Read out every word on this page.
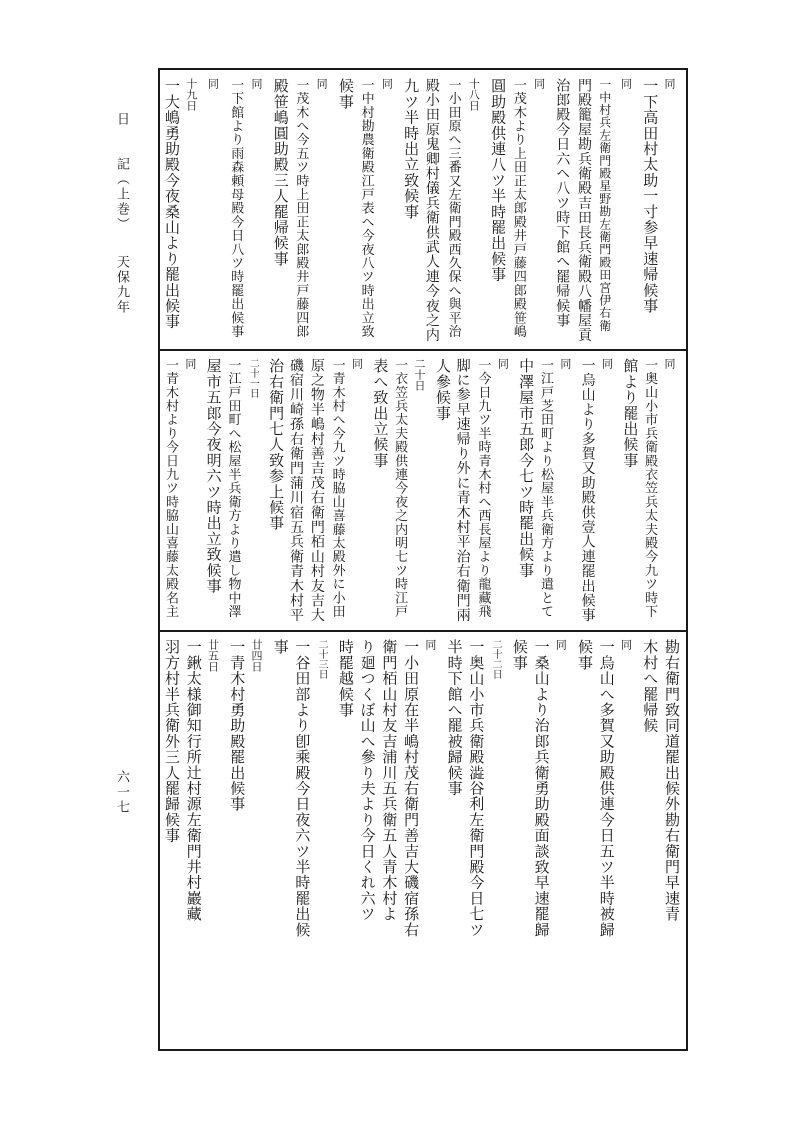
日　　記（上巻）
天保九年
六一七
同
一下高田村太助一寸参早速帰候事
同
一中村兵左衛門殿星野勘左衛門殿田宮伊右衛
門殿籠屋勘兵衛殿吉田長兵衛殿八幡屋貢
治郎殿今日六ヘ八ツ時下館へ罷帰候事
同
一茂木より上田正太郎殿井戸藤四郎殿笹嶋
圓助殿供連八ツ半時罷出候事
十八日
一小田原へ三番又左衛門殿西久保へ與平治
殿小田原鬼卿村儀兵衛供武人連今夜之内
九ツ半時出立致候事
同
一中村勘農衛殿江戸表へ今夜八ツ時出立致
候事
同
一茂木へ今五ツ時上田正太郎殿井戸藤四郎
殿笹嶋圓助殿三人罷帰候事
同
一下館より雨森頼母殿今日八ツ時罷出候事
同
十九日
一大嶋勇助殿今夜桑山より罷出候事
同
一奥山小市兵衛殿衣笠兵太夫殿今九ツ時下
館より罷出候事
同
一烏山より多賀又助殿供壹人連罷出候事
同
一江戸芝田町より松屋半兵衛方より遣とて
中澤屋市五郎今七ツ時罷出候事
同
一今日九ツ半時青木村へ西長屋より龍藏飛
脚に参早速帰り外に青木村平治右衛門兩
人參候事
二十日
一衣笠兵太夫殿供連今夜之内明七ツ時江戸
表へ致出立候事
同
一青木村へ今九ツ時脇山喜藤太殿外に小田
原之物半嶋村善吉茂右衛門栢山村友吉大
磯宿川崎孫右衛門蒲川宿五兵衛青木村平
治右衛門七人致参上候事
二十一日
一江戸田町へ松屋半兵衛方より遣し物中澤
屋市五郎今夜明六ツ時出立致候事
同
一青木村より今日九ツ時脇山喜藤太殿名主
勘右衛門致同道罷出候外勘右衛門早速青
木村へ罷帰候
同
一烏山へ多賀又助殿供連今日五ツ半時被歸
候事
同
一桑山より治郎兵衛勇助殿面談致早速罷歸
候事
二十二日
一奥山小市兵衛殿澁谷利左衛門殿今日七ツ
半時下館へ罷被歸候事
同
一小田原在半嶋村茂右衛門善吉大磯宿孫右
衛門栢山村友吉浦川五兵衛五人青木村よ
り廻つくぼ山へ參り夫より今日くれ六ツ
時罷越候事
二十三日
一谷田部より卽乘殿今日夜六ツ半時罷出候
事
廿四日
一青木村勇助殿罷出候事
廿五日
一鍬太様御知行所辻村源左衛門井村巖藏
羽方村半兵衛外三人罷歸候事
